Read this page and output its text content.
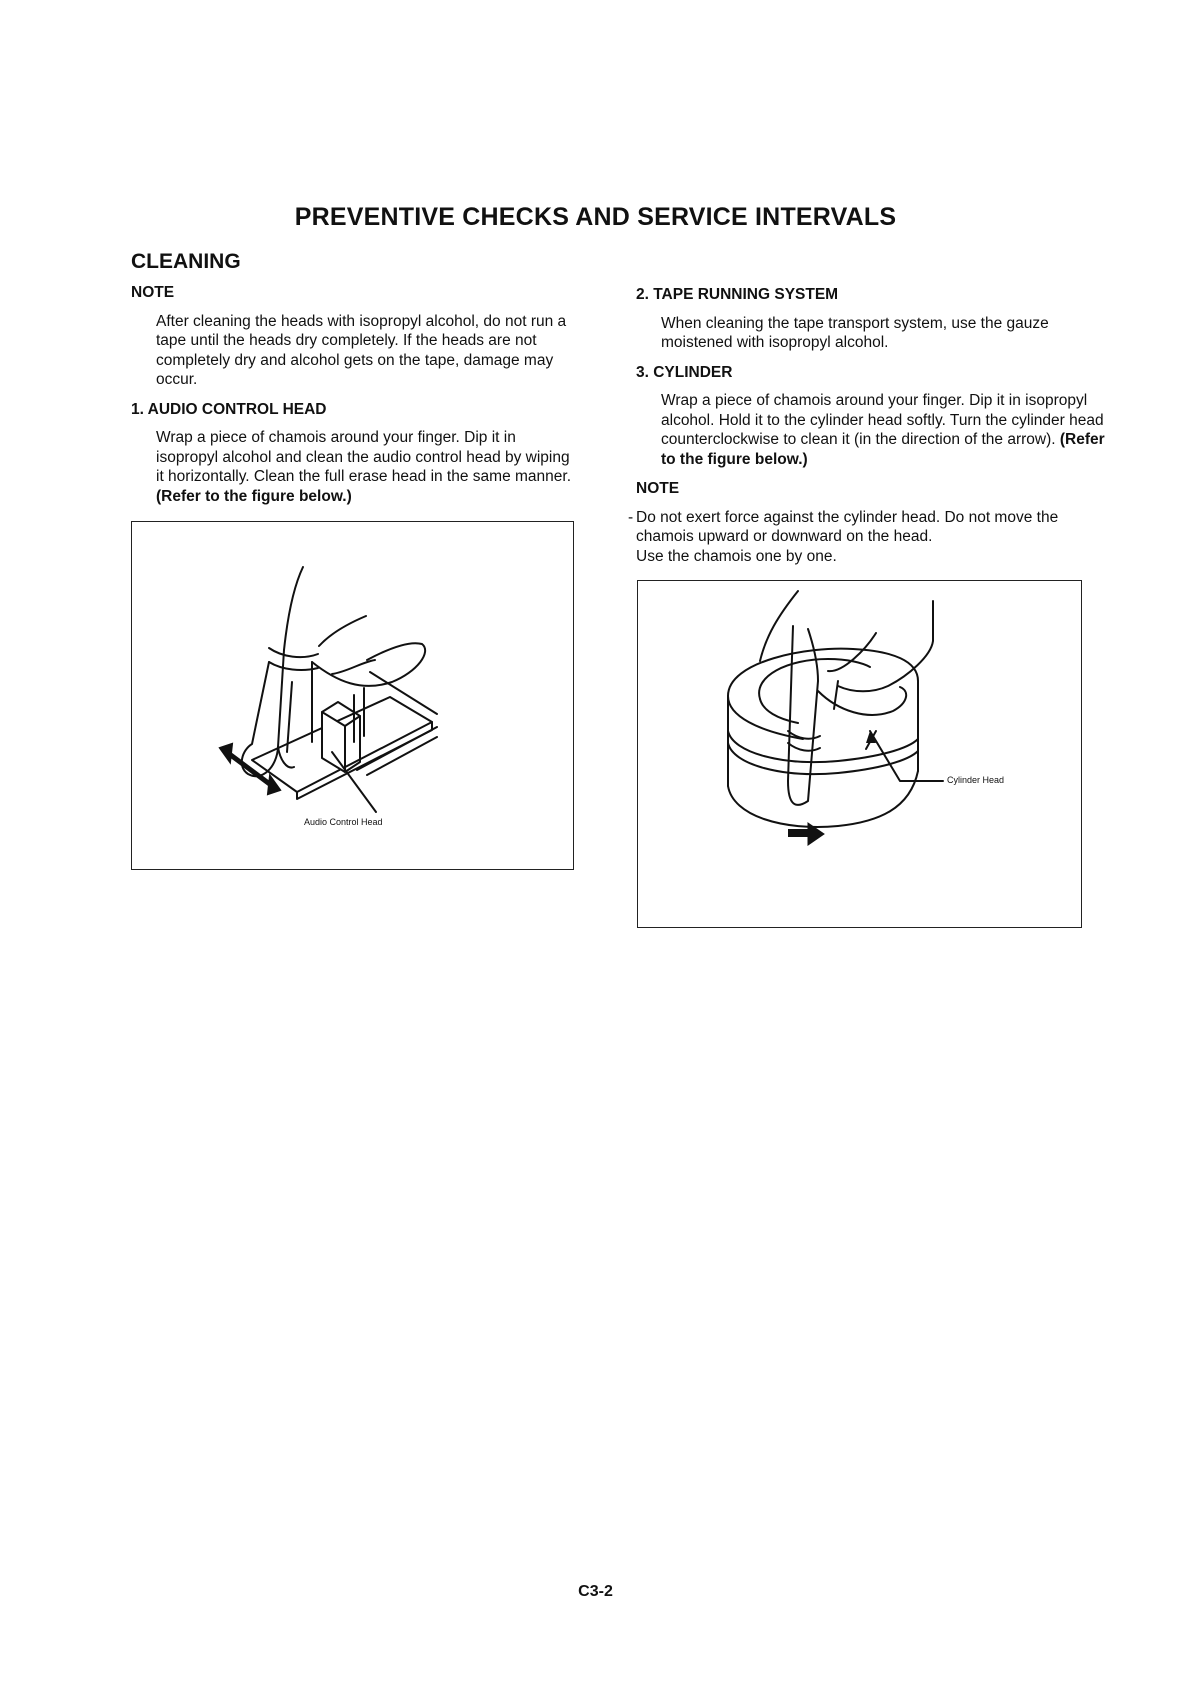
PREVENTIVE CHECKS AND SERVICE INTERVALS
CLEANING
NOTE

After cleaning the heads with isopropyl alcohol, do not run a tape until the heads dry completely. If the heads are not completely dry and alcohol gets on the tape, damage may occur.

1. AUDIO CONTROL HEAD

Wrap a piece of chamois around your finger. Dip it in isopropyl alcohol and clean the audio control head by wiping it horizontally. Clean the full erase head in the same manner. (Refer to the figure below.)

Audio Control Head
2. TAPE RUNNING SYSTEM

When cleaning the tape transport system, use the gauze moistened with isopropyl alcohol.

3. CYLINDER

Wrap a piece of chamois around your finger. Dip it in isopropyl alcohol. Hold it to the cylinder head softly. Turn the cylinder head counterclockwise to clean it (in the direction of the arrow). (Refer to the figure below.)

NOTE

- Do not exert force against the cylinder head. Do not move the chamois upward or downward on the head.
Use the chamois one by one.

Cylinder Head
C3-2
